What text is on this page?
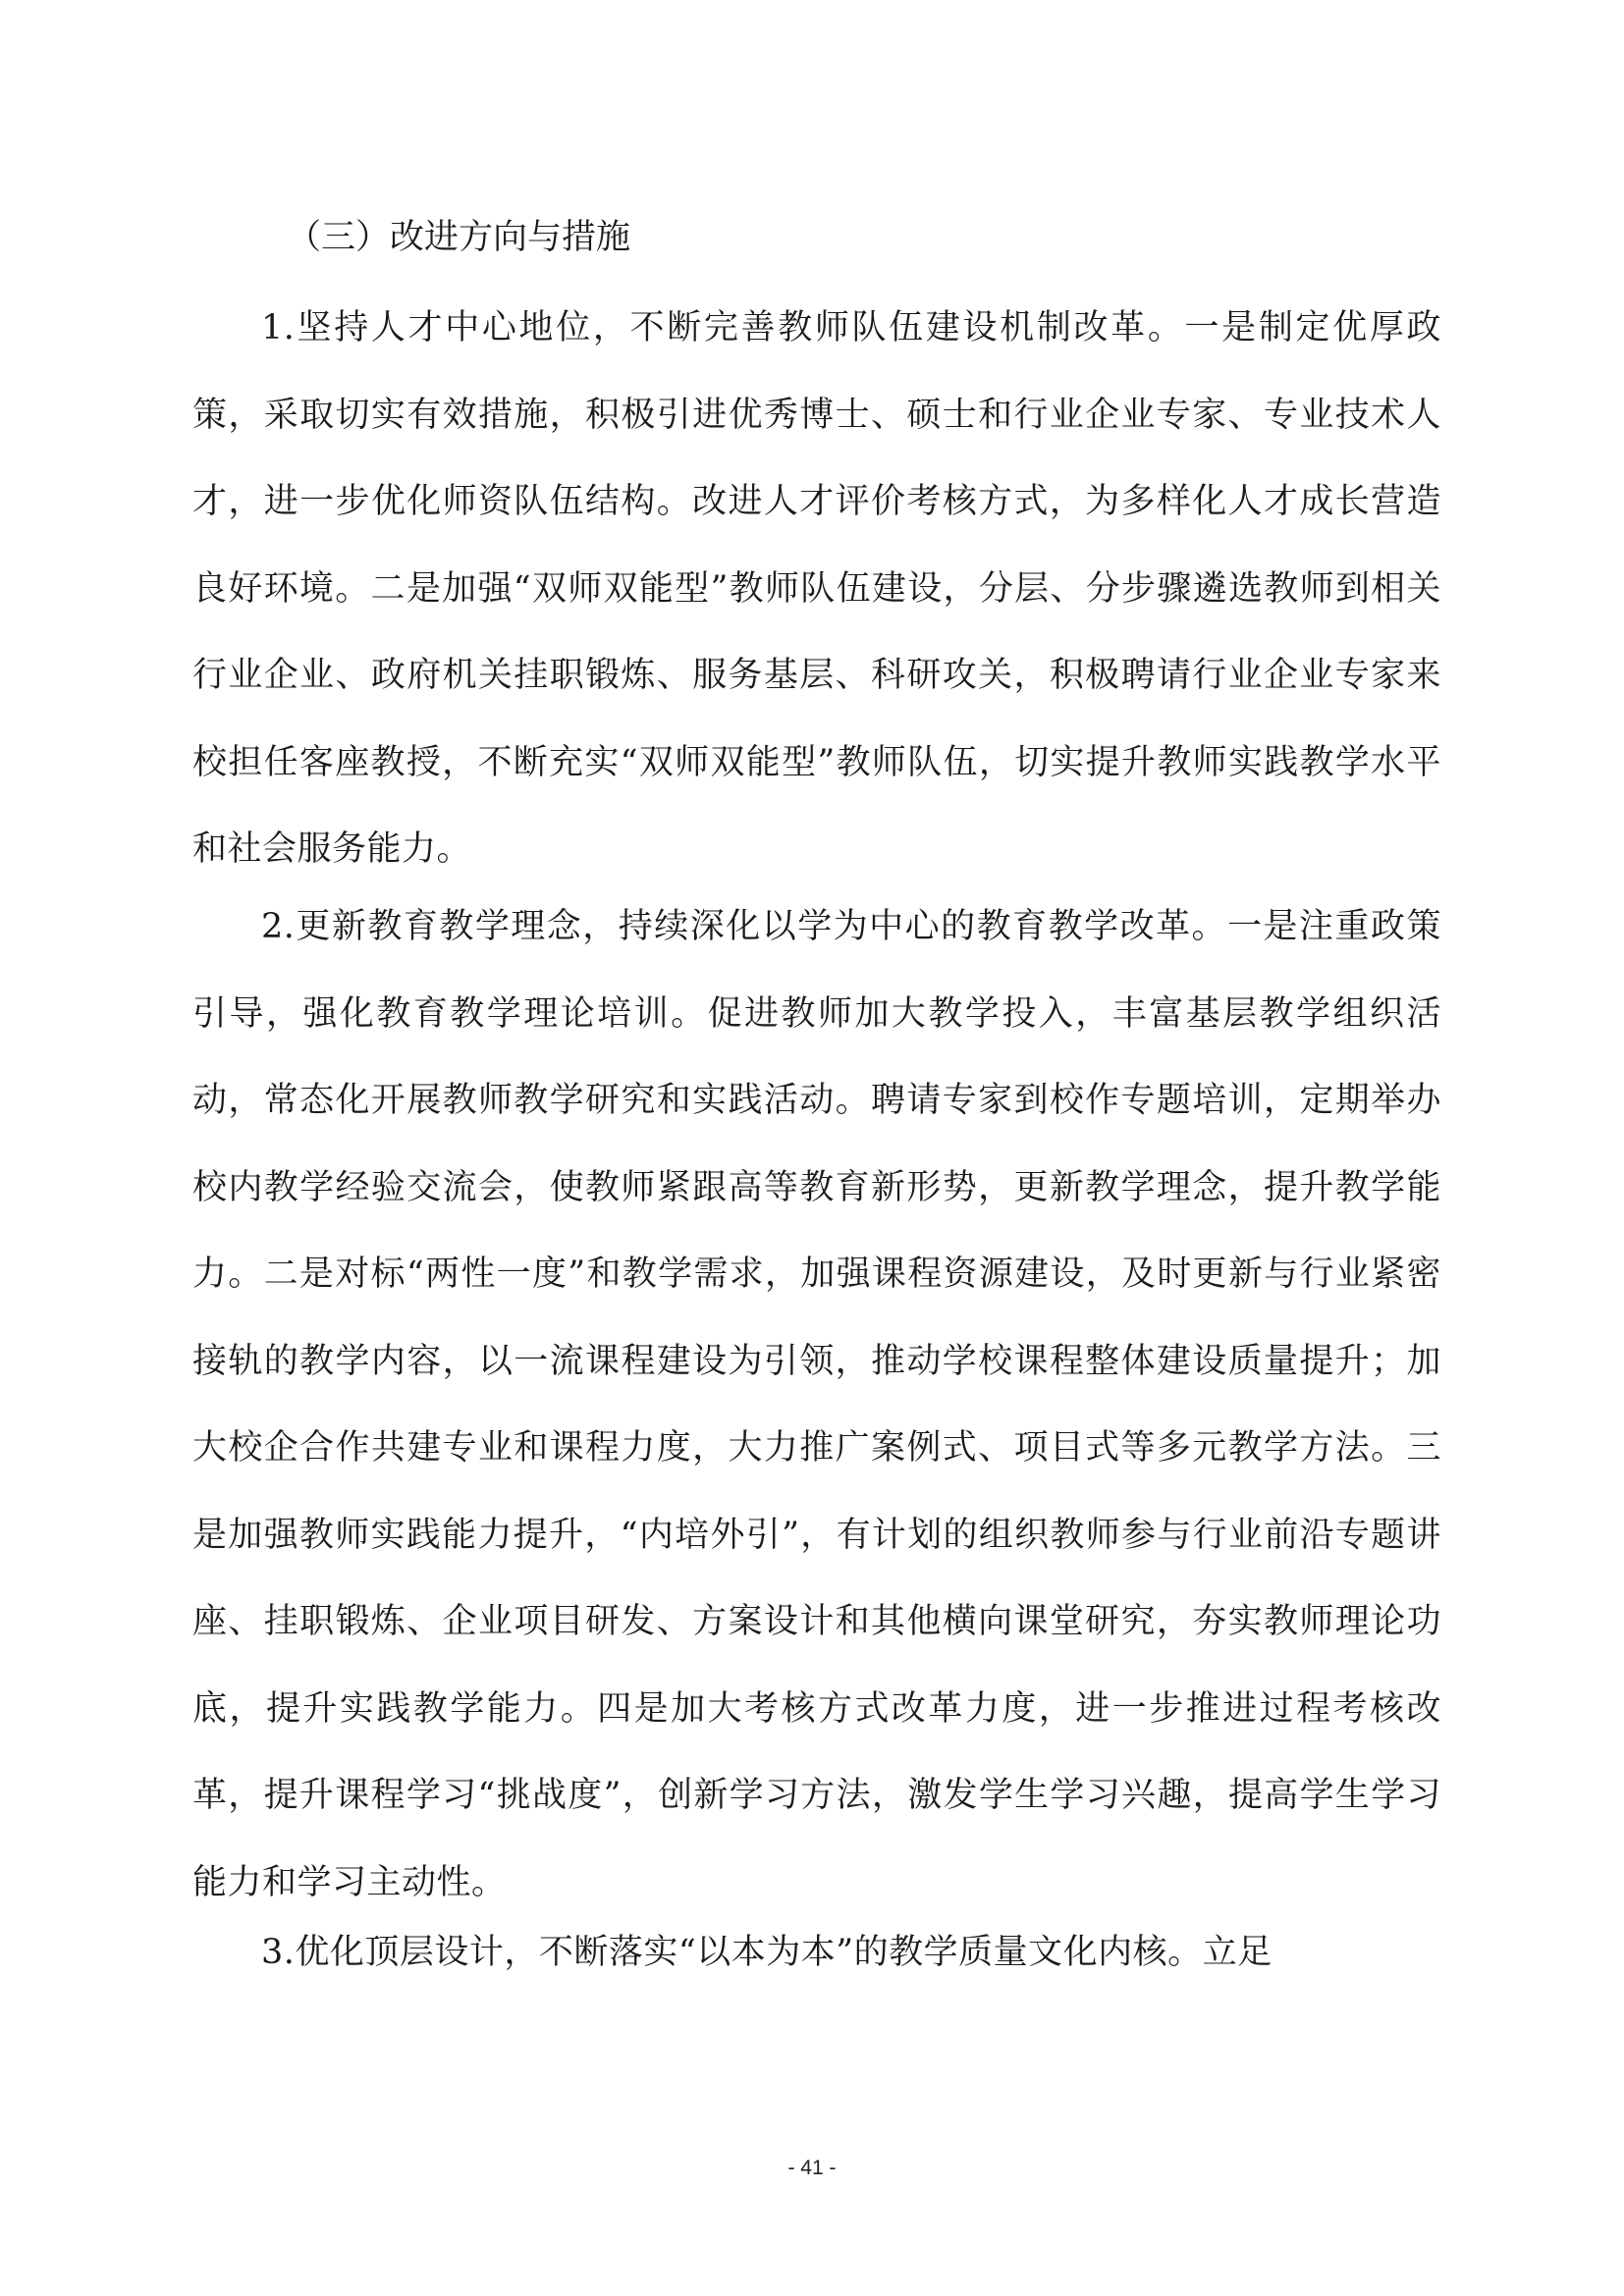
（三）改进方向与措施

1.坚持人才中心地位，不断完善教师队伍建设机制改革。一是制定优厚政策，采取切实有效措施，积极引进优秀博士、硕士和行业企业专家、专业技术人才，进一步优化师资队伍结构。改进人才评价考核方式，为多样化人才成长营造良好环境。二是加强“双师双能型”教师队伍建设，分层、分步骤遴选教师到相关行业企业、政府机关挂职锻炼、服务基层、科研攻关，积极聘请行业企业专家来校担任客座教授，不断充实“双师双能型”教师队伍，切实提升教师实践教学水平和社会服务能力。

2.更新教育教学理念，持续深化以学为中心的教育教学改革。一是注重政策引导，强化教育教学理论培训。促进教师加大教学投入，丰富基层教学组织活动，常态化开展教师教学研究和实践活动。聘请专家到校作专题培训，定期举办校内教学经验交流会，使教师紧跟高等教育新形势，更新教学理念，提升教学能力。二是对标“两性一度”和教学需求，加强课程资源建设，及时更新与行业紧密接轨的教学内容，以一流课程建设为引领，推动学校课程整体建设质量提升；加大校企合作共建专业和课程力度，大力推广案例式、项目式等多元教学方法。三是加强教师实践能力提升，“内培外引”，有计划的组织教师参与行业前沿专题讲座、挂职锻炼、企业项目研发、方案设计和其他横向课堂研究，夯实教师理论功底，提升实践教学能力。四是加大考核方式改革力度，进一步推进过程考核改革，提升课程学习“挑战度”，创新学习方法，激发学生学习兴趣，提高学生学习能力和学习主动性。

3.优化顶层设计，不断落实“以本为本”的教学质量文化内核。立足

- 41 -
